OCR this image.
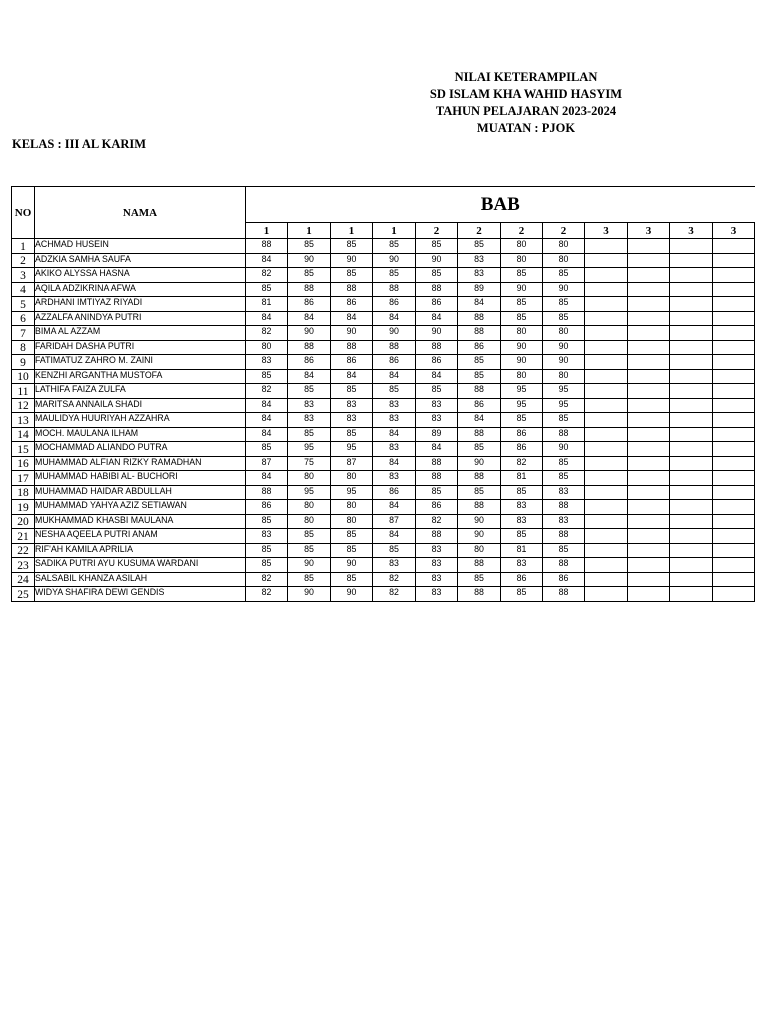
NILAI KETERAMPILAN
SD ISLAM KHA WAHID HASYIM
TAHUN PELAJARAN 2023-2024
MUATAN : PJOK
KELAS : III AL KARIM
NO	NAMA	BAB											
		1	1	1	1	2	2	2	2	3	3	3	3
1	ACHMAD HUSEIN	88	85	85	85	85	85	80	80				
2	ADZKIA SAMHA SAUFA	84	90	90	90	90	83	80	80				
3	AKIKO ALYSSA HASNA	82	85	85	85	85	83	85	85				
4	AQILA ADZIKRINA AFWA	85	88	88	88	88	89	90	90				
5	ARDHANI IMTIYAZ RIYADI	81	86	86	86	86	84	85	85				
6	AZZALFA ANINDYA PUTRI	84	84	84	84	84	88	85	85				
7	BIMA AL AZZAM	82	90	90	90	90	88	80	80				
8	FARIDAH DASHA PUTRI	80	88	88	88	88	86	90	90				
9	FATIMATUZ ZAHRO M. ZAINI	83	86	86	86	86	85	90	90				
10	KENZHI ARGANTHA MUSTOFA	85	84	84	84	84	85	80	80				
11	LATHIFA FAIZA ZULFA	82	85	85	85	85	88	95	95				
12	MARITSA ANNAILA SHADI	84	83	83	83	83	86	95	95				
13	MAULIDYA HUURIYAH AZZAHRA	84	83	83	83	83	84	85	85				
14	MOCH. MAULANA ILHAM	84	85	85	84	89	88	86	88				
15	MOCHAMMAD ALIANDO PUTRA	85	95	95	83	84	85	86	90				
16	MUHAMMAD ALFIAN RIZKY RAMADHAN	87	75	87	84	88	90	82	85				
17	MUHAMMAD HABIBI AL- BUCHORI	84	80	80	83	88	88	81	85				
18	MUHAMMAD HAIDAR ABDULLAH	88	95	95	86	85	85	85	83				
19	MUHAMMAD YAHYA AZIZ SETIAWAN	86	80	80	84	86	88	83	88				
20	MUKHAMMAD KHASBI MAULANA	85	80	80	87	82	90	83	83				
21	NESHA AQEELA PUTRI ANAM	83	85	85	84	88	90	85	88				
22	RIF'AH KAMILA APRILIA	85	85	85	85	83	80	81	85				
23	SADIKA PUTRI AYU KUSUMA WARDANI	85	90	90	83	83	88	83	88				
24	SALSABIL KHANZA ASILAH	82	85	85	82	83	85	86	86				
25	WIDYA SHAFIRA DEWI GENDIS	82	90	90	82	83	88	85	88				
